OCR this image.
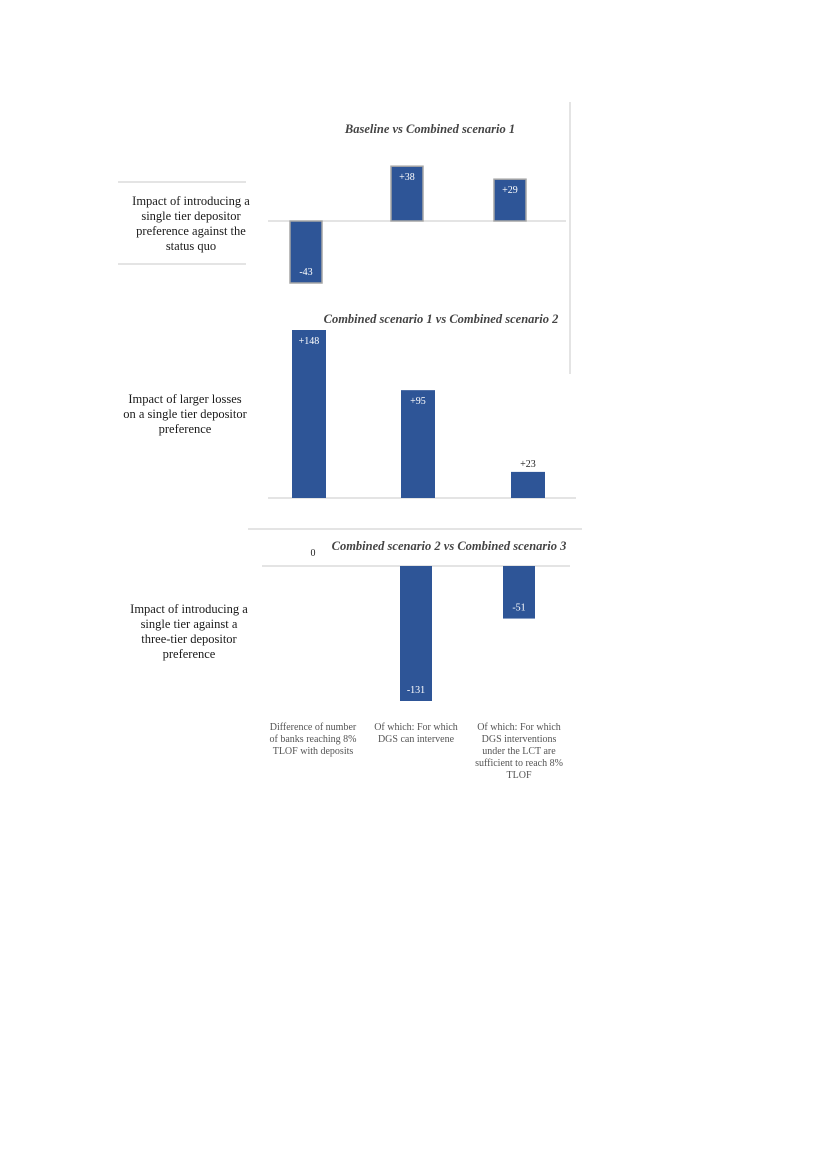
Baseline vs Combined scenario 1
Combined scenario 1 vs Combined scenario 2
Combined scenario 2 vs Combined scenario 3
Impact of introducing a
single tier depositor
preference against the
status quo
Impact of larger losses
on a single tier depositor
preference
Impact of introducing a
single tier against a
three-tier depositor
preference
-43
+38
+29
+148
+95
+23
0
-131
-51
Difference of number
of banks reaching 8%
TLOF with deposits
Of which: For which
DGS can intervene
Of which: For which
DGS interventions
under the LCT are
sufficient to reach 8%
TLOF
